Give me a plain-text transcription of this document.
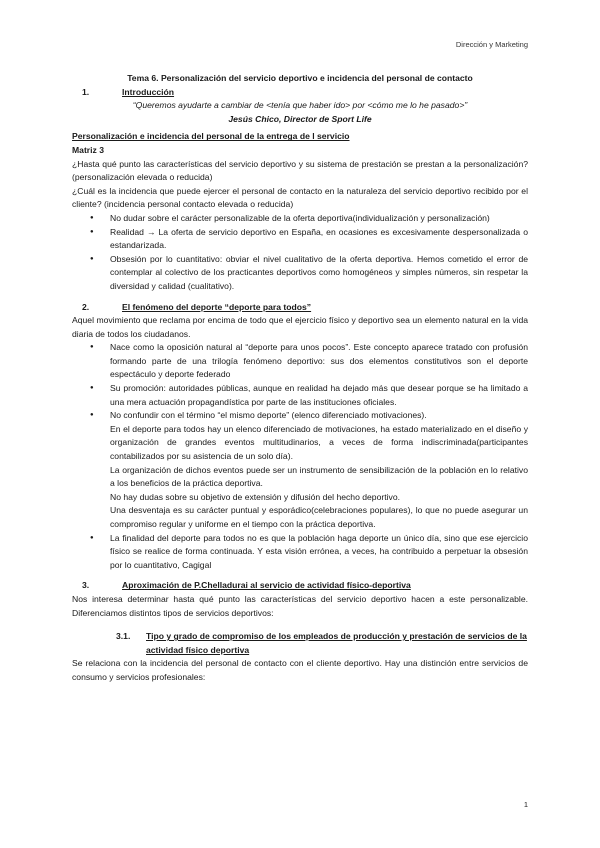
Dirección y Marketing
Tema 6. Personalización del servicio deportivo e incidencia del personal de contacto
1.	Introducción
“Queremos ayudarte a cambiar de <tenía que haber ido> por <cómo me lo he pasado>”
Jesús Chico, Director de Sport Life
Personalización e incidencia del personal de la entrega de l servicio
Matriz 3
¿Hasta qué punto las características del servicio deportivo y su sistema de prestación se prestan a la personalización?(personalización elevada o reducida)
¿Cuál es la incidencia que puede ejercer el personal de contacto en la naturaleza del servicio deportivo recibido por el cliente? (incidencia personal contacto elevada o reducida)
● No dudar sobre el carácter personalizable de la oferta deportiva(individualización y personalización)
● Realidad → La oferta de servicio deportivo en España, en ocasiones es excesivamente despersonalizada o estandarizada.
● Obsesión por lo cuantitativo: obviar el nivel cualitativo de la oferta deportiva. Hemos cometido el error de contemplar al colectivo de los practicantes deportivos como homogéneos y simples números, sin respetar la diversidad y calidad (cualitativo).
2.	El fenómeno del deporte “deporte para todos”
Aquel movimiento que reclama por encima de todo que el ejercicio físico y deportivo sea un elemento natural en la vida diaria de todos los ciudadanos.
● Nace como la oposición natural al “deporte para unos pocos”. Este concepto aparece tratado con profusión formando parte de una trilogía fenómeno deportivo: sus dos elementos constitutivos son el deporte espectáculo y deporte federado
● Su promoción: autoridades públicas, aunque en realidad ha dejado más que desear porque se ha limitado a una mera actuación propagandística por parte de las instituciones oficiales.
● No confundir con el término “el mismo deporte” (elenco diferenciado motivaciones).
En el deporte para todos hay un elenco diferenciado de motivaciones, ha estado materializado en el diseño y organización de grandes eventos multitudinarios, a veces de forma indiscriminada(participantes contabilizados por su asistencia de un solo día).
La organización de dichos eventos puede ser un instrumento de sensibilización de la población en lo relativo a los beneficios de la práctica deportiva.
No hay dudas sobre su objetivo de extensión y difusión del hecho deportivo.
Una desventaja es su carácter puntual y esporádico(celebraciones populares), lo que no puede asegurar un compromiso regular y uniforme en el tiempo con la práctica deportiva.
● La finalidad del deporte para todos no es que la población haga deporte un único día, sino que ese ejercicio físico se realice de forma continuada. Y esta visión errónea, a veces, ha contribuido a perpetuar la obsesión por lo cuantitativo, Cagigal
3.	Aproximación de P.Chelladurai al servicio de actividad físico-deportiva
Nos interesa determinar hasta qué punto las características del servicio deportivo hacen a este personalizable. Diferenciamos distintos tipos de servicios deportivos:
3.1.	Tipo y grado de compromiso de los empleados de producción y prestación de servicios de la actividad físico deportiva
Se relaciona con la incidencia del personal de contacto con el cliente deportivo. Hay una distinción entre servicios de consumo y servicios profesionales:
1
